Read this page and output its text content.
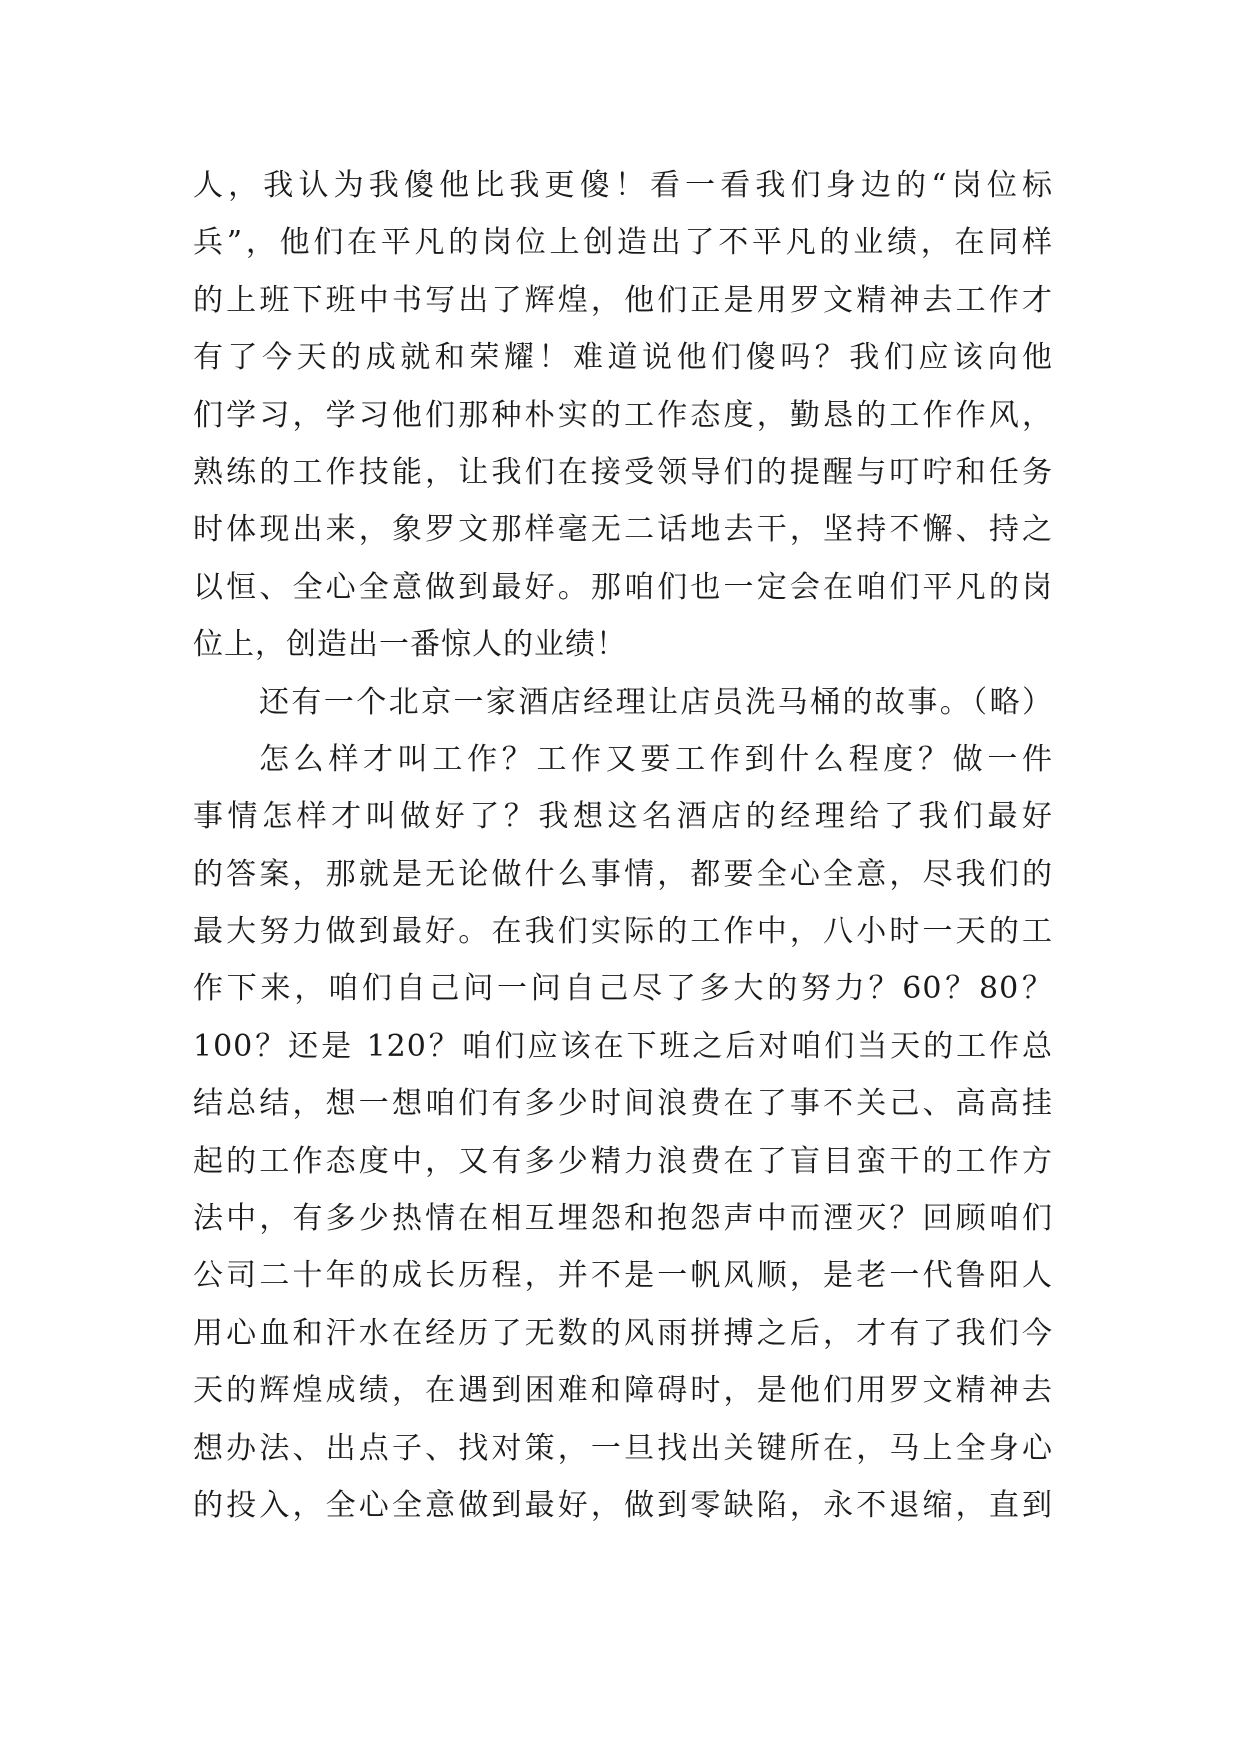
人，我认为我傻他比我更傻！看一看我们身边的“岗位标
兵”，他们在平凡的岗位上创造出了不平凡的业绩，在同样
的上班下班中书写出了辉煌，他们正是用罗文精神去工作才
有了今天的成就和荣耀！难道说他们傻吗？我们应该向他
们学习，学习他们那种朴实的工作态度，勤恳的工作作风，
熟练的工作技能，让我们在接受领导们的提醒与叮咛和任务
时体现出来，象罗文那样毫无二话地去干，坚持不懈、持之
以恒、全心全意做到最好。那咱们也一定会在咱们平凡的岗
位上，创造出一番惊人的业绩！
还有一个北京一家酒店经理让店员洗马桶的故事。（略）
怎么样才叫工作？工作又要工作到什么程度？做一件
事情怎样才叫做好了？我想这名酒店的经理给了我们最好
的答案，那就是无论做什么事情，都要全心全意，尽我们的
最大努力做到最好。在我们实际的工作中，八小时一天的工
作下来，咱们自己问一问自己尽了多大的努力？60？80？
100？还是 120？咱们应该在下班之后对咱们当天的工作总
结总结，想一想咱们有多少时间浪费在了事不关己、高高挂
起的工作态度中，又有多少精力浪费在了盲目蛮干的工作方
法中，有多少热情在相互埋怨和抱怨声中而湮灭？回顾咱们
公司二十年的成长历程，并不是一帆风顺，是老一代鲁阳人
用心血和汗水在经历了无数的风雨拼搏之后，才有了我们今
天的辉煌成绩，在遇到困难和障碍时，是他们用罗文精神去
想办法、出点子、找对策，一旦找出关键所在，马上全身心
的投入，全心全意做到最好，做到零缺陷，永不退缩，直到
